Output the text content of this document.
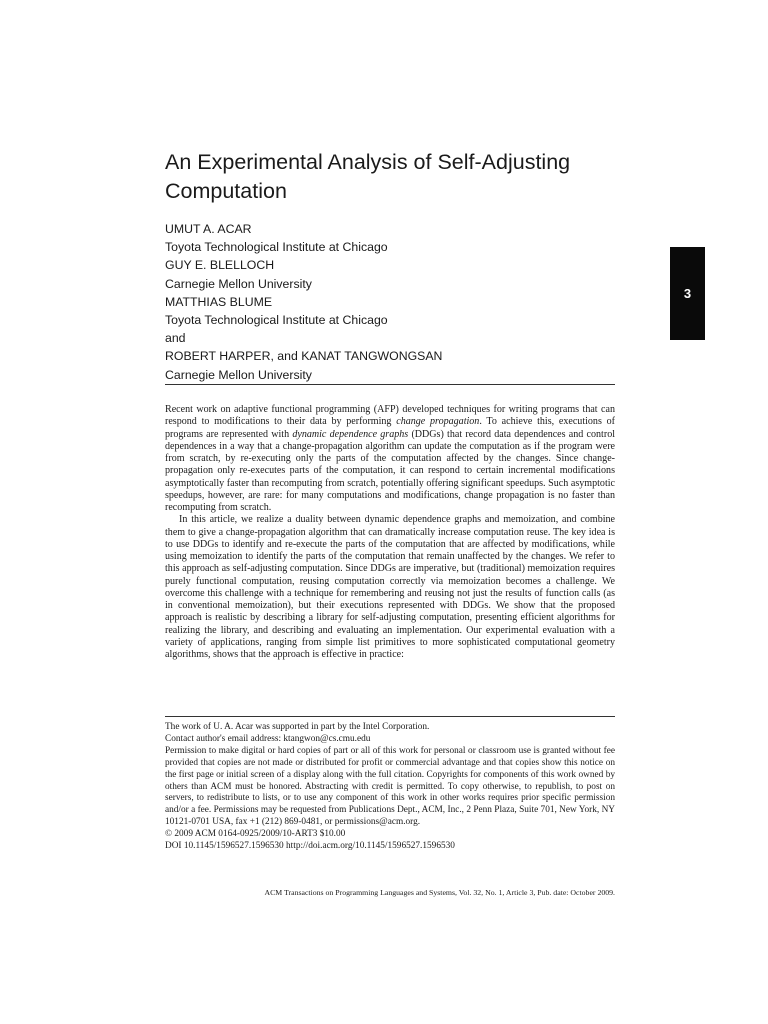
An Experimental Analysis of Self-Adjusting Computation
UMUT A. ACAR
Toyota Technological Institute at Chicago
GUY E. BLELLOCH
Carnegie Mellon University
MATTHIAS BLUME
Toyota Technological Institute at Chicago
and
ROBERT HARPER, and KANAT TANGWONGSAN
Carnegie Mellon University
3

Recent work on adaptive functional programming (AFP) developed techniques for writing programs that can respond to modifications to their data by performing change propagation. To achieve this, executions of programs are represented with dynamic dependence graphs (DDGs) that record data dependences and control dependences in a way that a change-propagation algorithm can update the computation as if the program were from scratch, by re-executing only the parts of the computation affected by the changes. Since change-propagation only re-executes parts of the computation, it can respond to certain incremental modifications asymptotically faster than recomputing from scratch, potentially offering significant speedups. Such asymptotic speedups, however, are rare: for many computations and modifications, change propagation is no faster than recomputing from scratch.

In this article, we realize a duality between dynamic dependence graphs and memoization, and combine them to give a change-propagation algorithm that can dramatically increase computation reuse. The key idea is to use DDGs to identify and re-execute the parts of the computation that are affected by modifications, while using memoization to identify the parts of the computation that remain unaffected by the changes. We refer to this approach as self-adjusting computation. Since DDGs are imperative, but (traditional) memoization requires purely functional computation, reusing computation correctly via memoization becomes a challenge. We overcome this challenge with a technique for remembering and reusing not just the results of function calls (as in conventional memoization), but their executions represented with DDGs. We show that the proposed approach is realistic by describing a library for self-adjusting computation, presenting efficient algorithms for realizing the library, and describing and evaluating an implementation. Our experimental evaluation with a variety of applications, ranging from simple list primitives to more sophisticated computational geometry algorithms, shows that the approach is effective in practice:

The work of U. A. Acar was supported in part by the Intel Corporation.

Contact author's email address: ktangwon@cs.cmu.edu

Permission to make digital or hard copies of part or all of this work for personal or classroom use is granted without fee provided that copies are not made or distributed for profit or commercial advantage and that copies show this notice on the first page or initial screen of a display along with the full citation. Copyrights for components of this work owned by others than ACM must be honored. Abstracting with credit is permitted. To copy otherwise, to republish, to post on servers, to redistribute to lists, or to use any component of this work in other works requires prior specific permission and/or a fee. Permissions may be requested from Publications Dept., ACM, Inc., 2 Penn Plaza, Suite 701, New York, NY 10121-0701 USA, fax +1 (212) 869-0481, or permissions@acm.org.

© 2009 ACM 0164-0925/2009/10-ART3 $10.00

DOI 10.1145/1596527.1596530 http://doi.acm.org/10.1145/1596527.1596530

ACM Transactions on Programming Languages and Systems, Vol. 32, No. 1, Article 3, Pub. date: October 2009.
